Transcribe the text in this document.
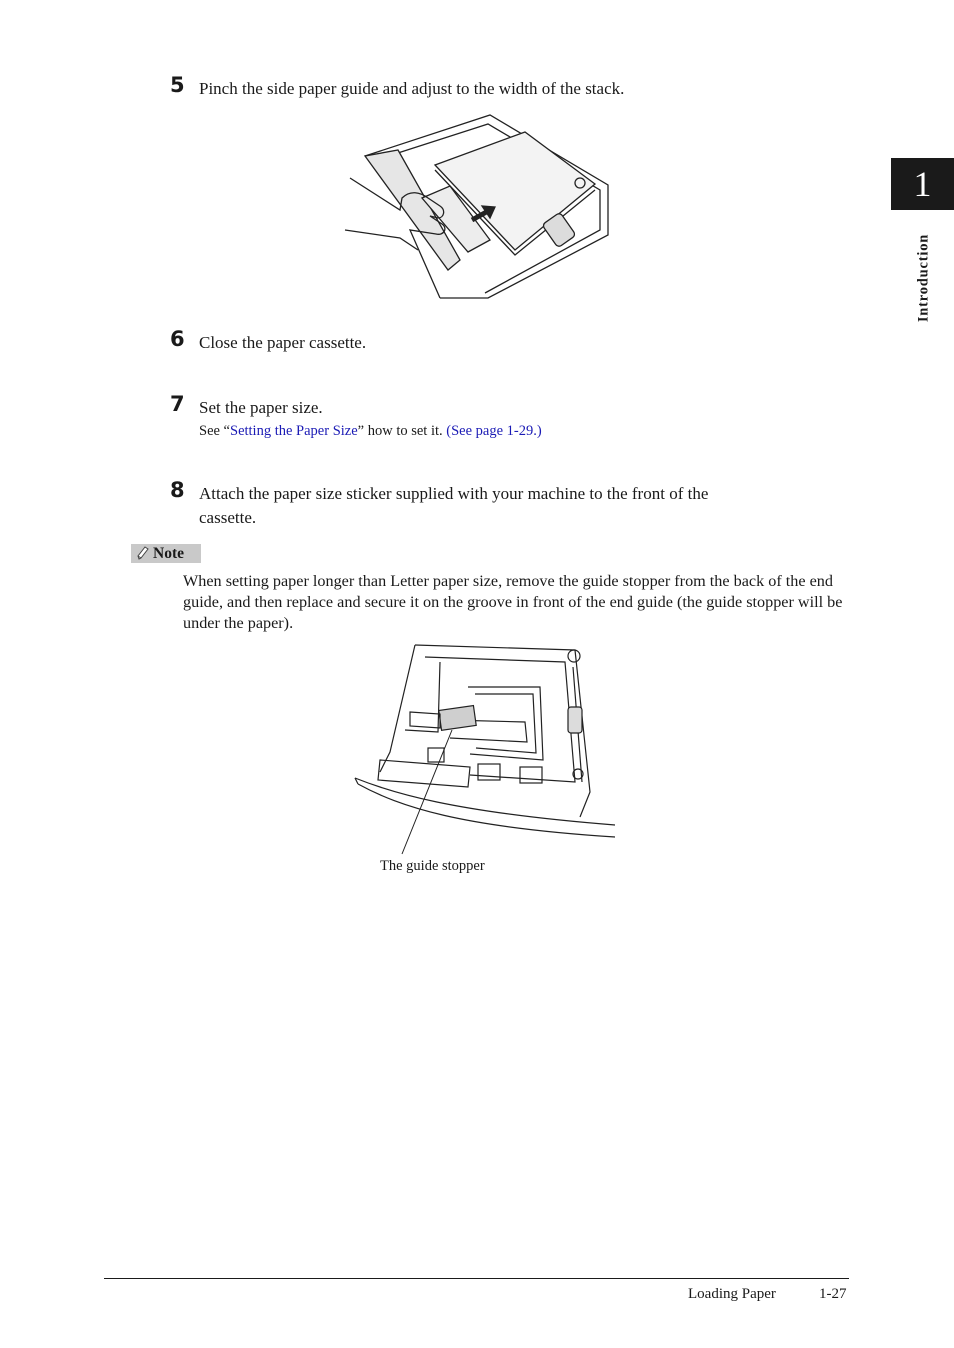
1
Introduction
5 Pinch the side paper guide and adjust to the width of the stack.
6 Close the paper cassette.
7 Set the paper size.
See “Setting the Paper Size” how to set it. (See page 1-29.)
8 Attach the paper size sticker supplied with your machine to the front of the
cassette.
Note
When setting paper longer than Letter paper size, remove the guide stopper from the back of the end guide, and then replace and secure it on the groove in front of the end guide (the guide stopper will be under the paper).
The guide stopper
Loading Paper	1-27
